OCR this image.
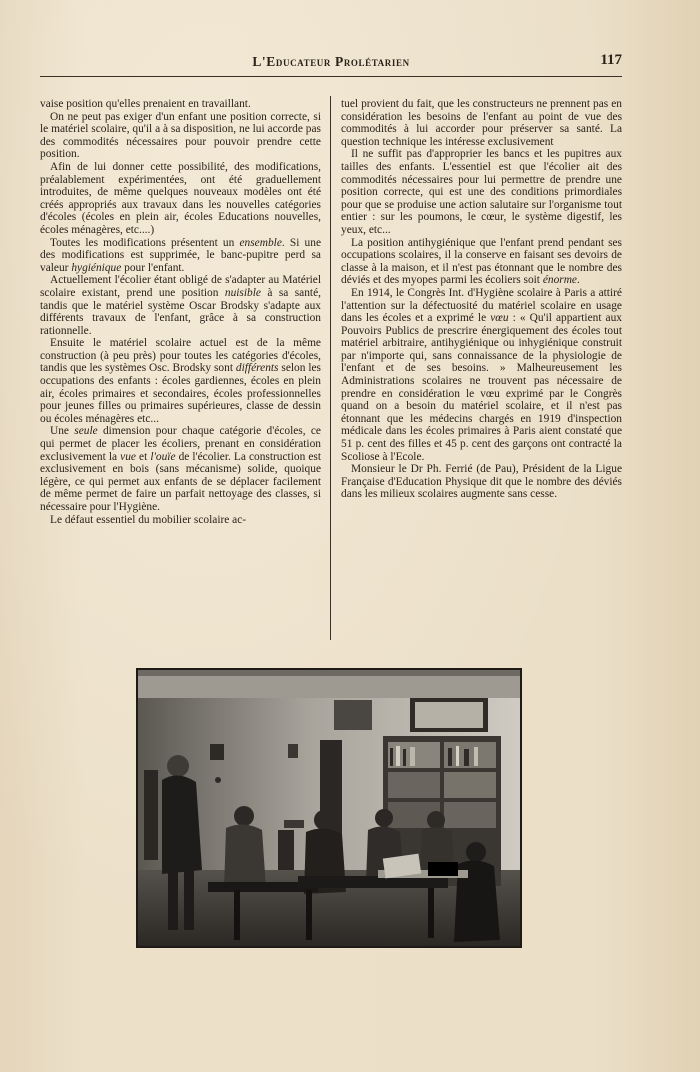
L'Educateur Prolétarien	117

vaise position qu'elles prenaient en travaillant.

On ne peut pas exiger d'un enfant une position correcte, si le matériel scolaire, qu'il a à sa disposition, ne lui accorde pas des commodités nécessaires pour pouvoir prendre cette position.

Afin de lui donner cette possibilité, des modifications, préalablement expérimentées, ont été graduellement introduites, de même quelques nouveaux modèles ont été créés appropriés aux travaux dans les nouvelles catégories d'écoles (écoles en plein air, écoles Educations nouvelles, écoles ménagères, etc....)

Toutes les modifications présentent un ensemble. Si une des modifications est supprimée, le banc-pupitre perd sa valeur hygiénique pour l'enfant.

Actuellement l'écolier étant obligé de s'adapter au Matériel scolaire existant, prend une position nuisible à sa santé, tandis que le matériel système Oscar Brodsky s'adapte aux différents travaux de l'enfant, grâce à sa construction rationnelle.

Ensuite le matériel scolaire actuel est de la même construction (à peu près) pour toutes les catégories d'écoles, tandis que les systèmes Osc. Brodsky sont différents selon les occupations des enfants : écoles gardiennes, écoles en plein air, écoles primaires et secondaires, écoles professionnelles pour jeunes filles ou primaires supérieures, classe de dessin ou écoles ménagères etc...

Une seule dimension pour chaque catégorie d'écoles, ce qui permet de placer les écoliers, prenant en considération exclusivement la vue et l'ouïe de l'écolier. La construction est exclusivement en bois (sans mécanisme) solide, quoique légère, ce qui permet aux enfants de se déplacer facilement de même permet de faire un parfait nettoyage des classes, si nécessaire pour l'Hygiène.

Le défaut essentiel du mobilier scolaire ac-

tuel provient du fait, que les constructeurs ne prennent pas en considération les besoins de l'enfant au point de vue des commodités à lui accorder pour préserver sa santé. La question technique les intéresse exclusivement

Il ne suffit pas d'approprier les bancs et les pupitres aux tailles des enfants. L'essentiel est que l'écolier ait des commodités nécessaires pour lui permettre de prendre une position correcte, qui est une des conditions primordiales pour que se produise une action salutaire sur l'organisme tout entier : sur les poumons, le cœur, le système digestif, les yeux, etc...

La position antihygiénique que l'enfant prend pendant ses occupations scolaires, il la conserve en faisant ses devoirs de classe à la maison, et il n'est pas étonnant que le nombre des déviés et des myopes parmi les écoliers soit énorme.

En 1914, le Congrès Int. d'Hygiène scolaire à Paris a attiré l'attention sur la défectuosité du matériel scolaire en usage dans les écoles et a exprimé le vœu : « Qu'il appartient aux Pouvoirs Publics de prescrire énergiquement des écoles tout matériel arbitraire, antihygiénique ou inhygiénique construit par n'importe qui, sans connaissance de la physiologie de l'enfant et de ses besoins. » Malheureusement les Administrations scolaires ne trouvent pas nécessaire de prendre en considération le vœu exprimé par le Congrès quand on a besoin du matériel scolaire, et il n'est pas étonnant que les médecins chargés en 1919 d'inspection médicale dans les écoles primaires à Paris aient constaté que 51 p. cent des filles et 45 p. cent des garçons ont contracté la Scoliose à l'Ecole.

Monsieur le Dr Ph. Ferrié (de Pau), Président de la Ligue Française d'Education Physique dit que le nombre des déviés dans les milieux scolaires augmente sans cesse.
